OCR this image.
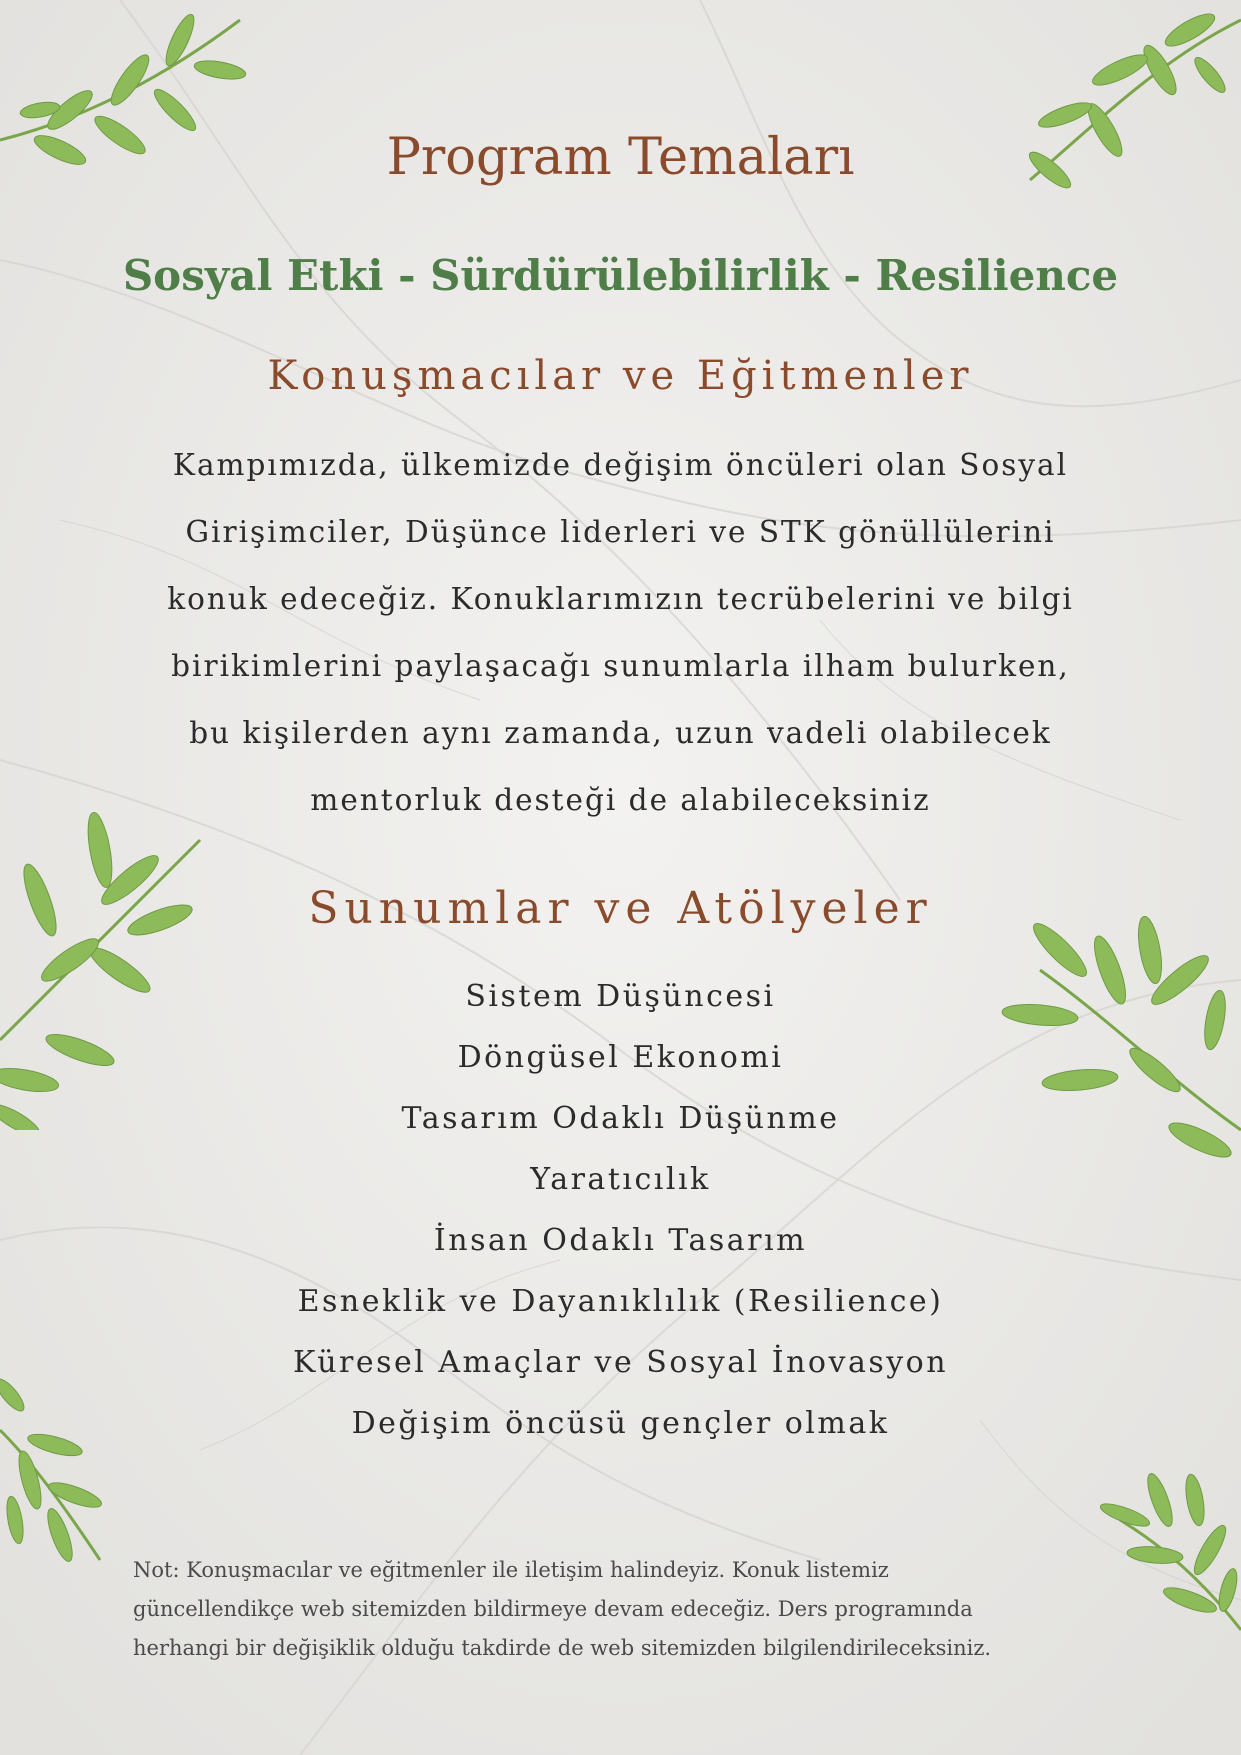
Program Temaları
Sosyal Etki - Sürdürülebilirlik - Resilience
Konuşmacılar ve Eğitmenler
Kampımızda, ülkemizde değişim öncüleri olan Sosyal
Girişimciler, Düşünce liderleri ve STK gönüllülerini
konuk edeceğiz. Konuklarımızın tecrübelerini ve bilgi
birikimlerini paylaşacağı sunumlarla ilham bulurken,
bu kişilerden aynı zamanda, uzun vadeli olabilecek
mentorluk desteği de alabileceksiniz
Sunumlar ve Atölyeler
Sistem Düşüncesi
Döngüsel Ekonomi
Tasarım Odaklı Düşünme
Yaratıcılık
İnsan Odaklı Tasarım
Esneklik ve Dayanıklılık (Resilience)
Küresel Amaçlar ve Sosyal İnovasyon
Değişim öncüsü gençler olmak
Not: Konuşmacılar ve eğitmenler ile iletişim halindeyiz. Konuk listemiz
güncellendikçe web sitemizden bildirmeye devam edeceğiz. Ders programında
herhangi bir değişiklik olduğu takdirde de web sitemizden bilgilendirileceksiniz.
